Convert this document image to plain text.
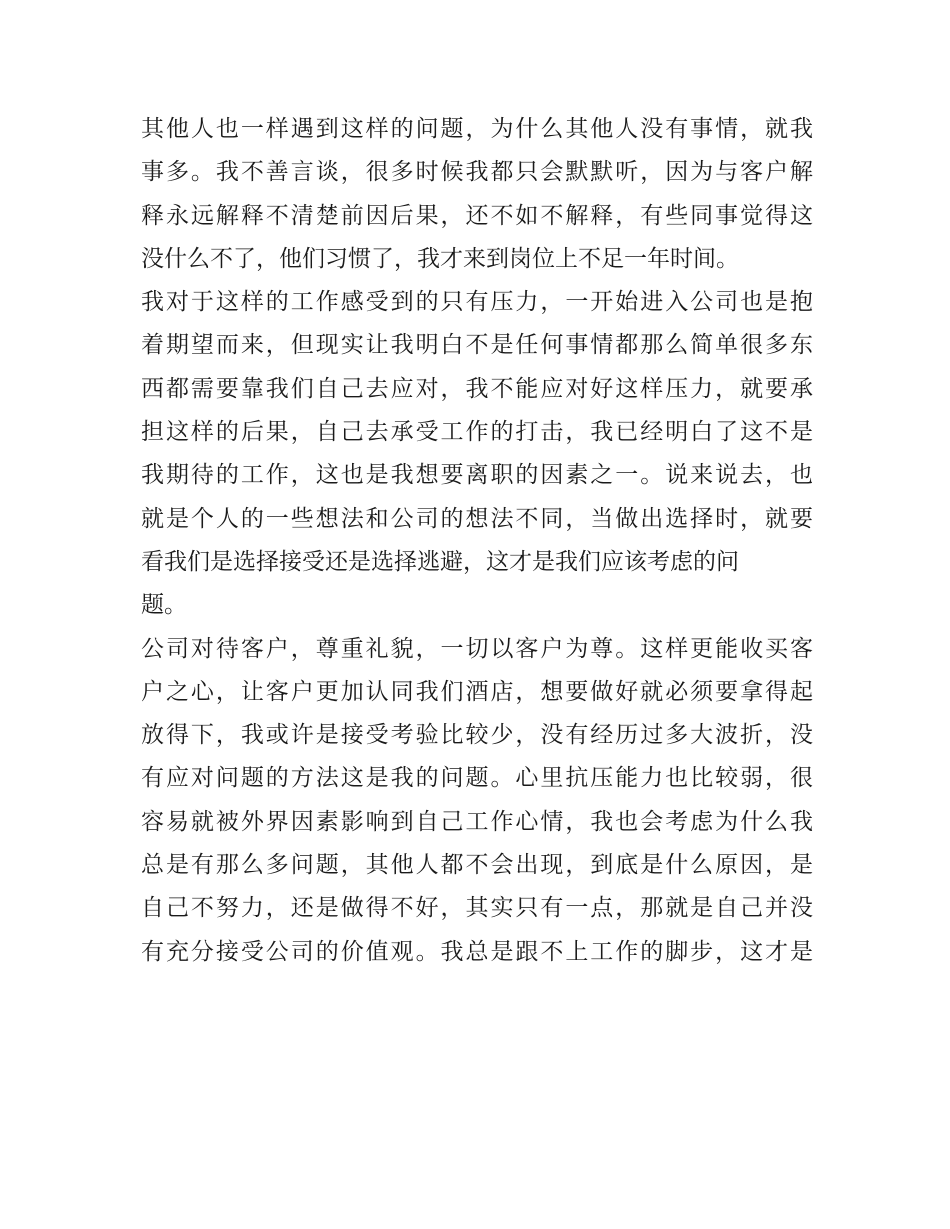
其他人也一样遇到这样的问题，为什么其他人没有事情，就我
事多。我不善言谈，很多时候我都只会默默听，因为与客户解
释永远解释不清楚前因后果，还不如不解释，有些同事觉得这
没什么不了，他们习惯了，我才来到岗位上不足一年时间。
我对于这样的工作感受到的只有压力，一开始进入公司也是抱
着期望而来，但现实让我明白不是任何事情都那么简单很多东
西都需要靠我们自己去应对，我不能应对好这样压力，就要承
担这样的后果，自己去承受工作的打击，我已经明白了这不是
我期待的工作，这也是我想要离职的因素之一。说来说去，也
就是个人的一些想法和公司的想法不同，当做出选择时，就要
看我们是选择接受还是选择逃避，这才是我们应该考虑的问
题。
公司对待客户，尊重礼貌，一切以客户为尊。这样更能收买客
户之心，让客户更加认同我们酒店，想要做好就必须要拿得起
放得下，我或许是接受考验比较少，没有经历过多大波折，没
有应对问题的方法这是我的问题。心里抗压能力也比较弱，很
容易就被外界因素影响到自己工作心情，我也会考虑为什么我
总是有那么多问题，其他人都不会出现，到底是什么原因，是
自己不努力，还是做得不好，其实只有一点，那就是自己并没
有充分接受公司的价值观。我总是跟不上工作的脚步，这才是
